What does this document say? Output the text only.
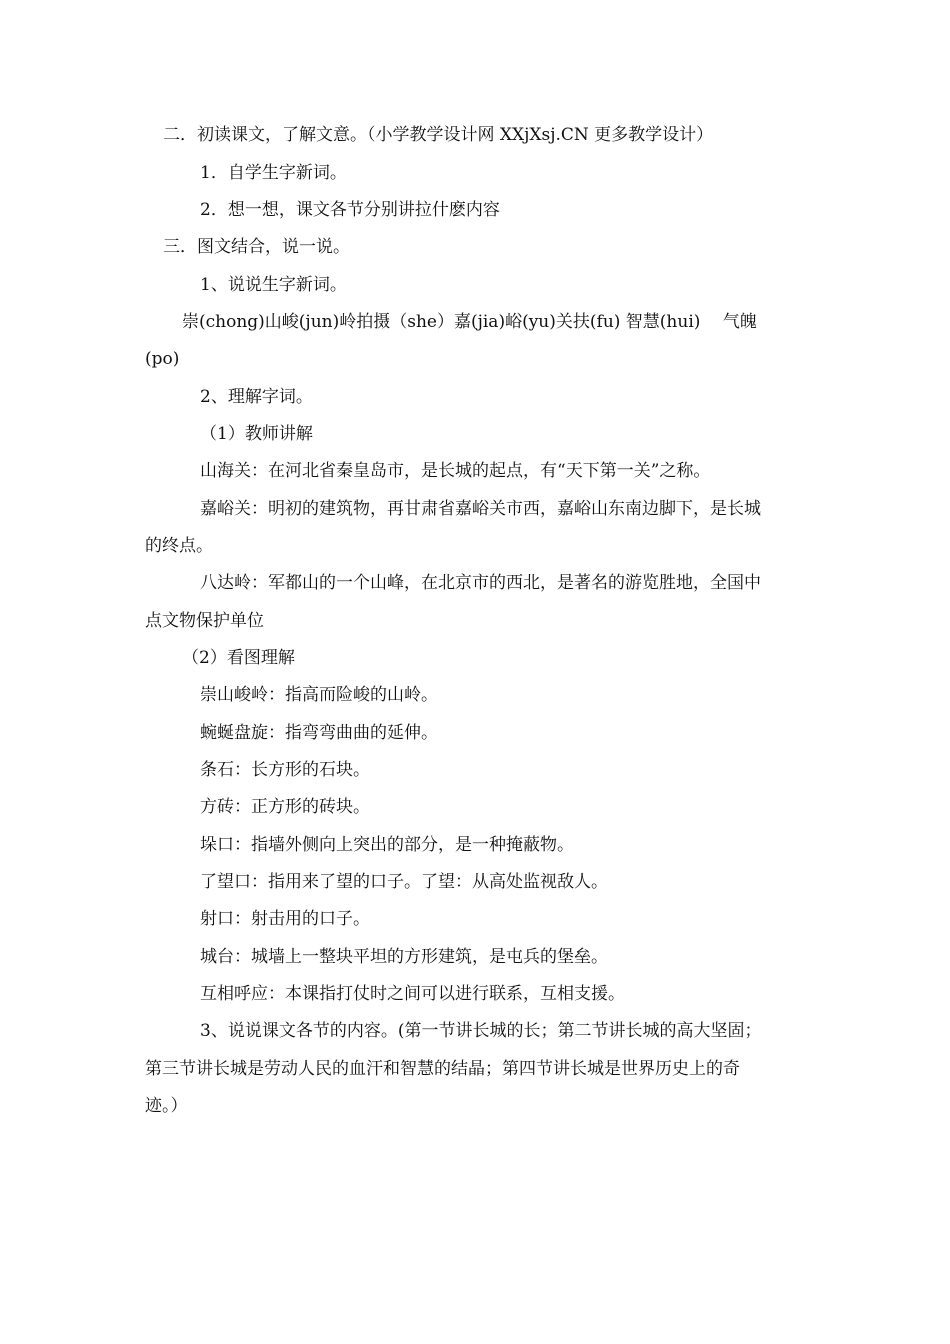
二．初读课文，了解文意。（小学教学设计网 XXjXsj.CN 更多教学设计）
1．自学生字新词。
2．想一想，课文各节分别讲拉什麽内容
三．图文结合，说一说。
1、说说生字新词。
崇(chong)山峻(jun)岭拍摄（she）嘉(jia)峪(yu)关扶(fu) 智慧(hui)　 气魄
(po)
2、理解字词。
（1）教师讲解
山海关：在河北省秦皇岛市，是长城的起点，有“天下第一关”之称。
嘉峪关：明初的建筑物，再甘肃省嘉峪关市西，嘉峪山东南边脚下，是长城
的终点。
八达岭：军都山的一个山峰，在北京市的西北，是著名的游览胜地，全国中
点文物保护单位
（2）看图理解
崇山峻岭：指高而险峻的山岭。
蜿蜒盘旋：指弯弯曲曲的延伸。
条石：长方形的石块。
方砖：正方形的砖块。
垛口：指墙外侧向上突出的部分，是一种掩蔽物。
了望口：指用来了望的口子。了望：从高处监视敌人。
射口：射击用的口子。
城台：城墙上一整块平坦的方形建筑，是屯兵的堡垒。
互相呼应：本课指打仗时之间可以进行联系，互相支援。
3、说说课文各节的内容。(第一节讲长城的长；第二节讲长城的高大坚固；
第三节讲长城是劳动人民的血汗和智慧的结晶；第四节讲长城是世界历史上的奇
迹。）
